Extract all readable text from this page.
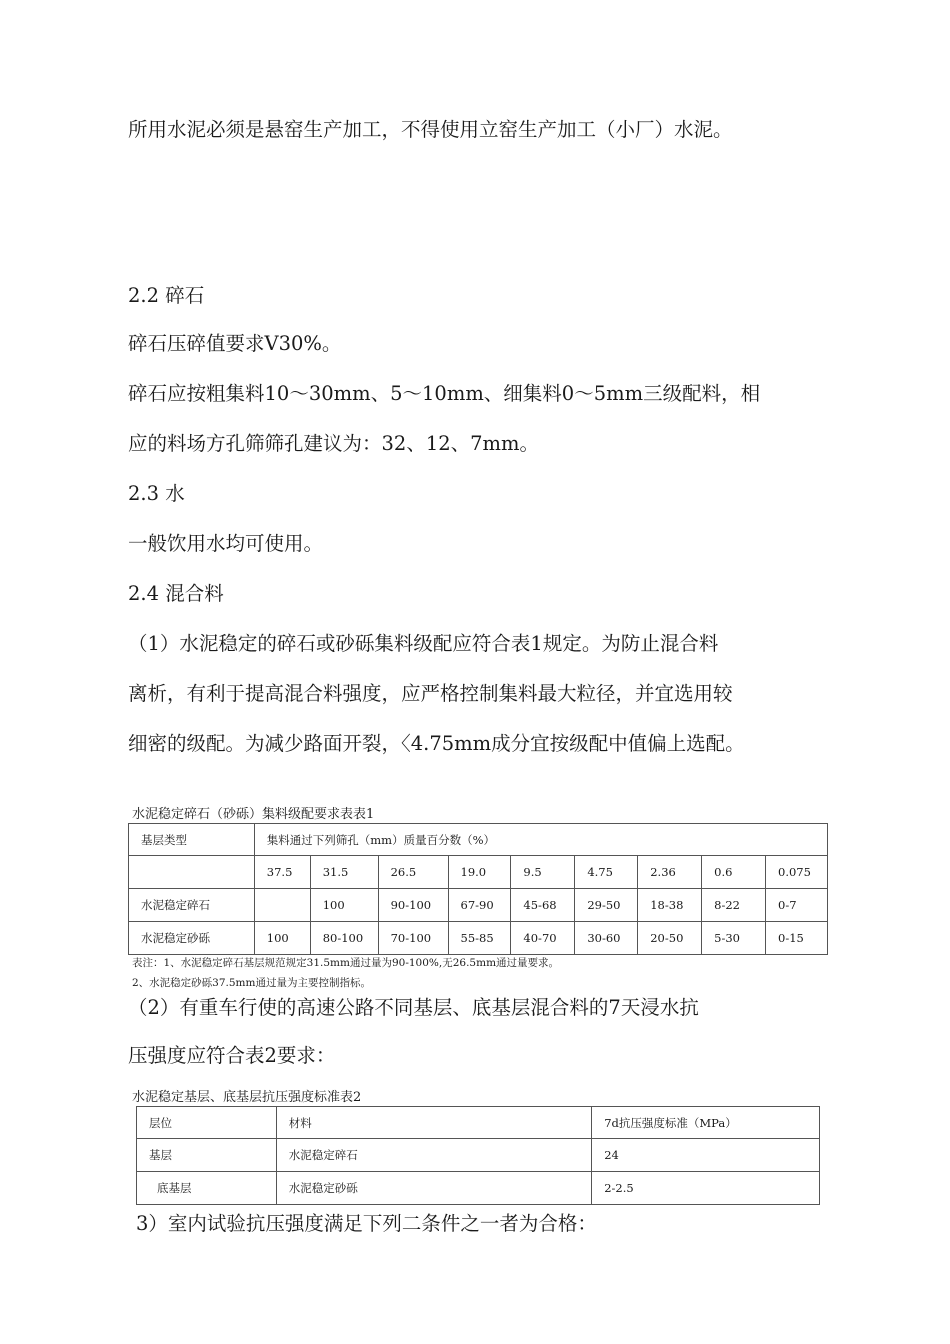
所用水泥必须是悬窑生产加工，不得使用立窑生产加工（小厂）水泥。

2.2 碎石

碎石压碎值要求V30%。

碎石应按粗集料10〜30mm、5〜10mm、细集料0〜5mm三级配料，相

应的料场方孔筛筛孔建议为：32、12、7mm。

2.3 水

一般饮用水均可使用。

2.4 混合料

（1）水泥稳定的碎石或砂砾集料级配应符合表1规定。为防止混合料

离析，有利于提高混合料强度，应严格控制集料最大粒径，并宜选用较

细密的级配。为减少路面开裂，〈4.75mm成分宜按级配中值偏上选配。

水泥稳定碎石（砂砾）集料级配要求表表1
基层类型	集料通过下列筛孔（mm）质量百分数（%）								
	37.5	31.5	26.5	19.0	9.5	4.75	2.36	0.6	0.075
水泥稳定碎石		100	90-100	67-90	45-68	29-50	18-38	8-22	0-7
水泥稳定砂砾	100	80-100	70-100	55-85	40-70	30-60	20-50	5-30	0-15
表注：1、水泥稳定碎石基层规范规定31.5mm通过量为90-100%,无26.5mm通过量要求。
2、水泥稳定砂砾37.5mm通过量为主要控制指标。

（2）有重车行使的高速公路不同基层、底基层混合料的7天浸水抗

压强度应符合表2要求：

水泥稳定基层、底基层抗压强度标准表2
层位	材料	7d抗压强度标准（MPa）
基层	水泥稳定碎石	24
底基层	水泥稳定砂砾	2-2.5

3）室内试验抗压强度满足下列二条件之一者为合格：
